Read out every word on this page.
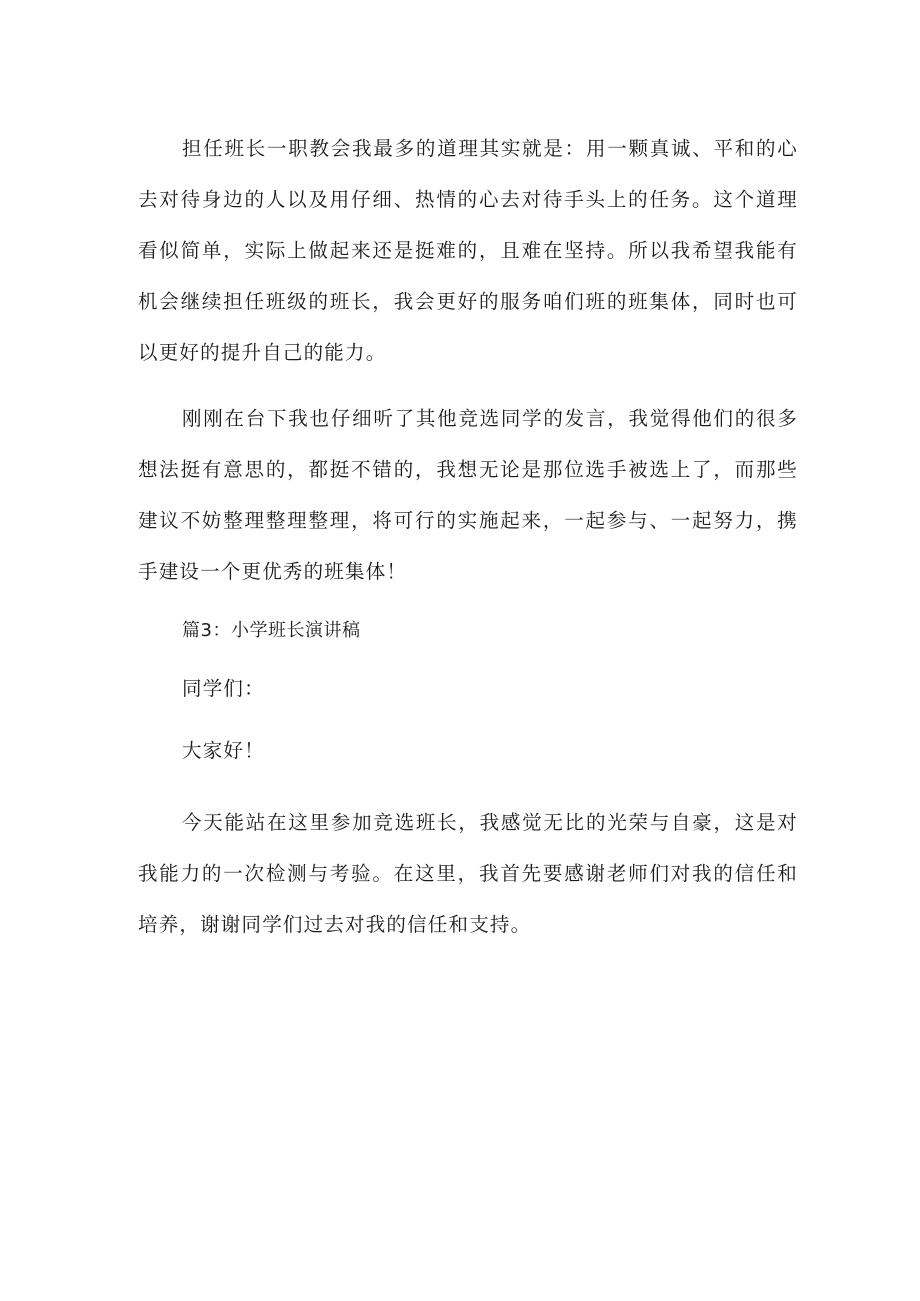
担任班长一职教会我最多的道理其实就是：用一颗真诚、平和的心去对待身边的人以及用仔细、热情的心去对待手头上的任务。这个道理看似简单，实际上做起来还是挺难的，且难在坚持。所以我希望我能有机会继续担任班级的班长，我会更好的服务咱们班的班集体，同时也可以更好的提升自己的能力。

刚刚在台下我也仔细听了其他竞选同学的发言，我觉得他们的很多想法挺有意思的，都挺不错的，我想无论是那位选手被选上了，而那些建议不妨整理整理整理，将可行的实施起来，一起参与、一起努力，携手建设一个更优秀的班集体！

篇3：小学班长演讲稿

同学们：

大家好！

今天能站在这里参加竞选班长，我感觉无比的光荣与自豪，这是对我能力的一次检测与考验。在这里，我首先要感谢老师们对我的信任和培养，谢谢同学们过去对我的信任和支持。
